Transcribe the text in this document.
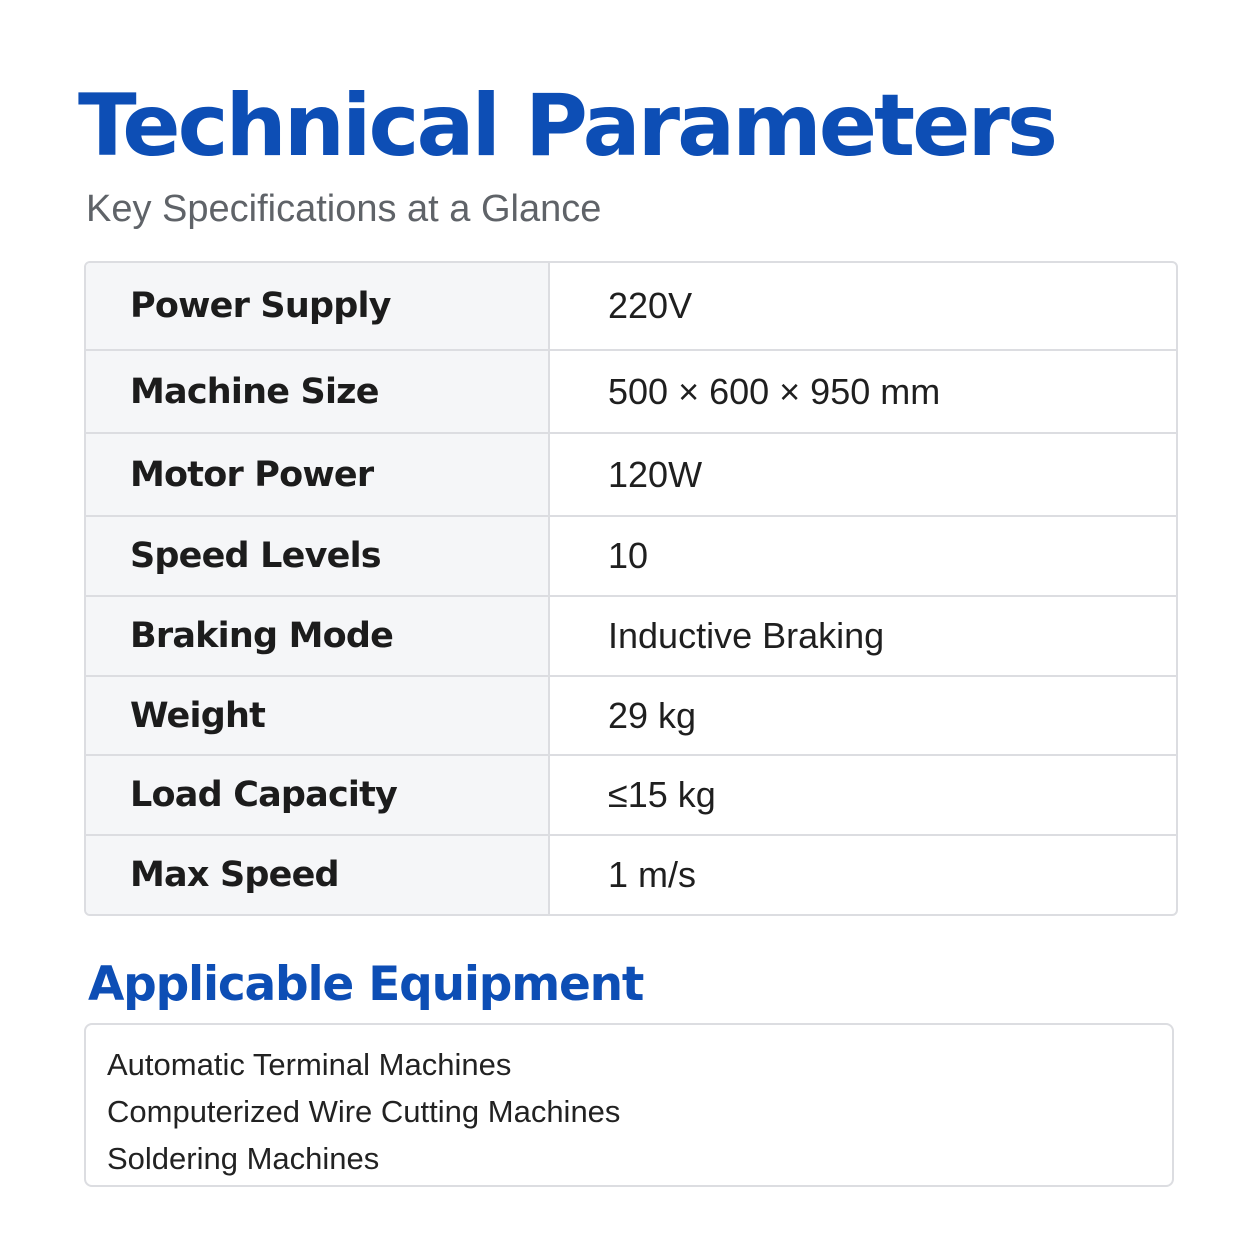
Technical Parameters

Key Specifications at a Glance

Power Supply	220V
Machine Size	500 × 600 × 950 mm
Motor Power	120W
Speed Levels	10
Braking Mode	Inductive Braking
Weight	29 kg
Load Capacity	≤15 kg
Max Speed	1 m/s
Applicable Equipment
Automatic Terminal Machines
Computerized Wire Cutting Machines
Soldering Machines
